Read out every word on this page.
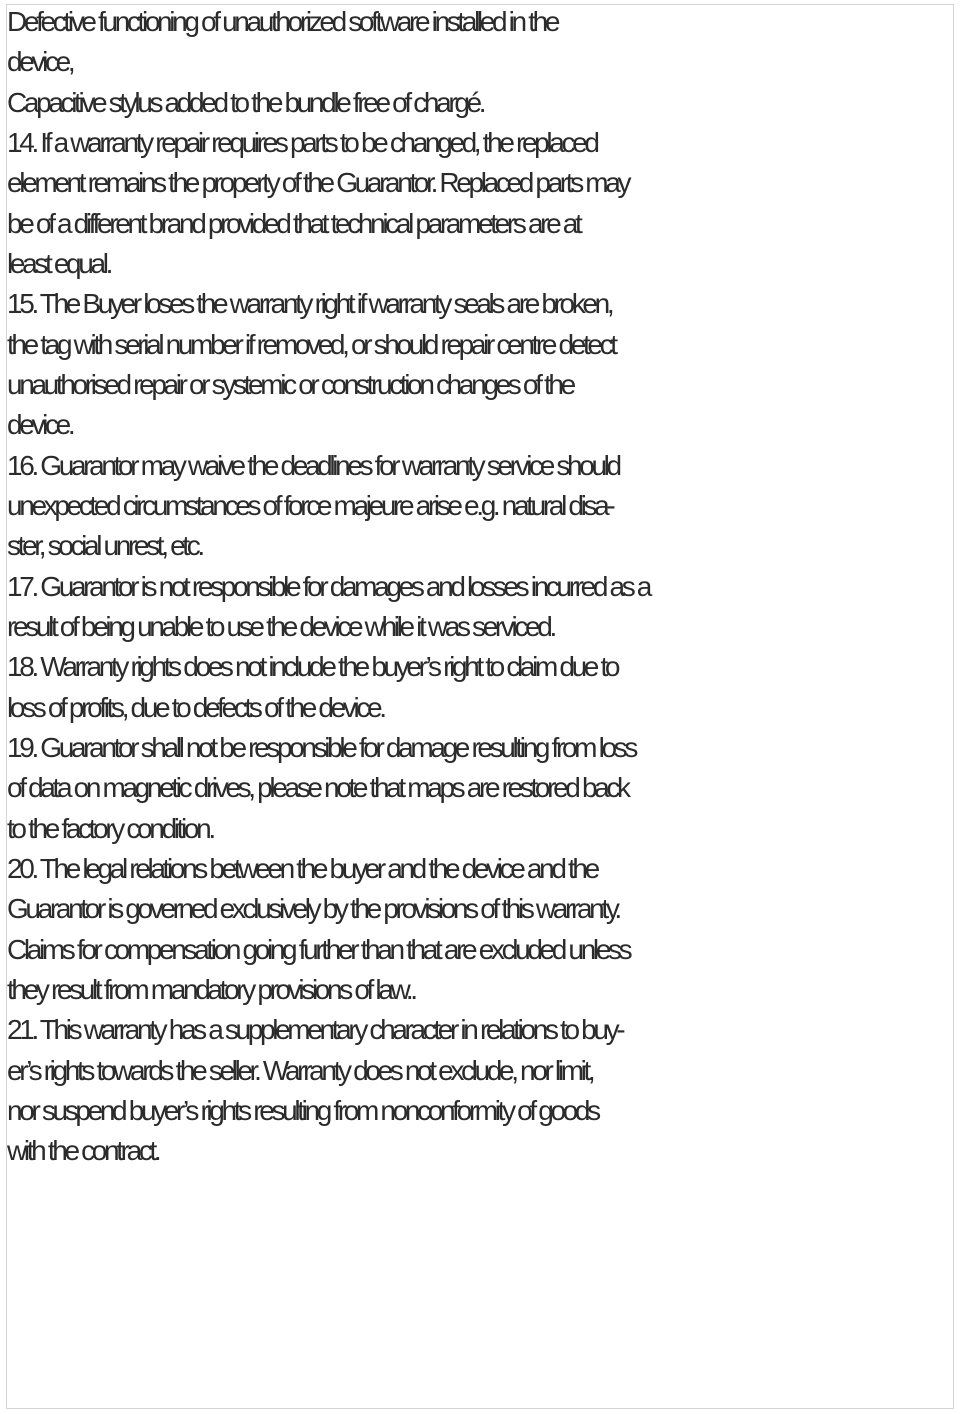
Defective functioning of unauthorized software installed in the
device,
Capacitive stylus added to the bundle free of chargé.
14. If a warranty repair requires parts to be changed, the replaced
element remains the property of the Guarantor. Replaced parts may
be of a different brand provided that technical parameters are at
least equal.
15. The Buyer loses the warranty right if warranty seals are broken,
the tag with serial number if removed, or should repair centre detect
unauthorised repair or systemic or construction changes of the
device.
16. Guarantor may waive the deadlines for warranty service should
unexpected circumstances of force majeure arise e.g. natural disa-
ster, social unrest, etc.
17. Guarantor is not responsible for damages and losses incurred as a
result of being unable to use the device while it was serviced.
18. Warranty rights does not include the buyer’s right to claim due to
loss of profits, due to defects of the device.
19. Guarantor shall not be responsible for damage resulting from loss
of data on magnetic drives, please note that maps are restored back
to the factory condition.
20. The legal relations between the buyer and the device and the
Guarantor is governed exclusively by the provisions of this warranty.
Claims for compensation going further than that are excluded unless
they result from mandatory provisions of law..
21. This warranty has a supplementary character in relations to buy-
er’s rights towards the seller. Warranty does not exclude, nor limit,
nor suspend buyer’s rights resulting from nonconformity of goods
with the contract.
